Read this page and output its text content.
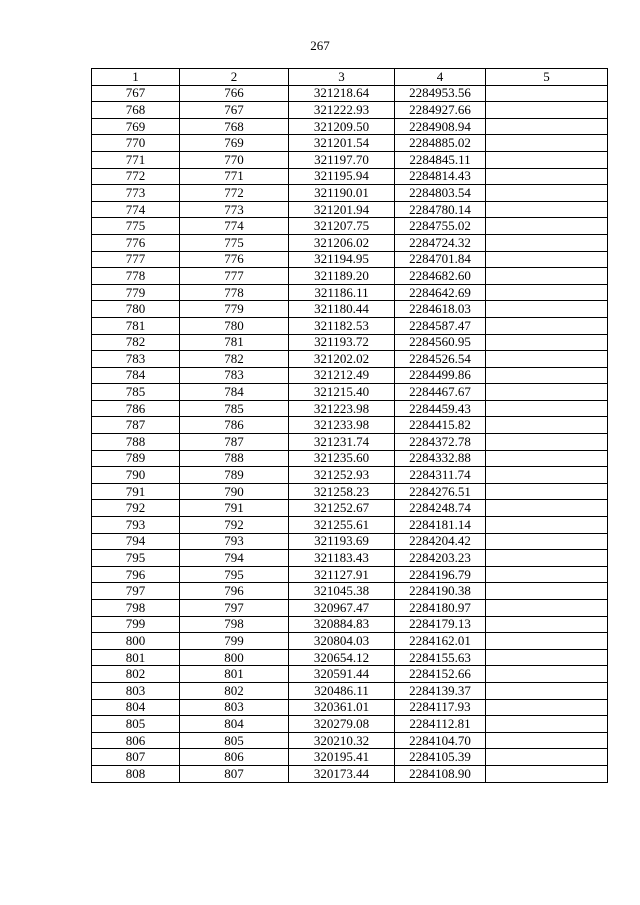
267
1	2	3	4	5
767	766	321218.64	2284953.56	
768	767	321222.93	2284927.66	
769	768	321209.50	2284908.94	
770	769	321201.54	2284885.02	
771	770	321197.70	2284845.11	
772	771	321195.94	2284814.43	
773	772	321190.01	2284803.54	
774	773	321201.94	2284780.14	
775	774	321207.75	2284755.02	
776	775	321206.02	2284724.32	
777	776	321194.95	2284701.84	
778	777	321189.20	2284682.60	
779	778	321186.11	2284642.69	
780	779	321180.44	2284618.03	
781	780	321182.53	2284587.47	
782	781	321193.72	2284560.95	
783	782	321202.02	2284526.54	
784	783	321212.49	2284499.86	
785	784	321215.40	2284467.67	
786	785	321223.98	2284459.43	
787	786	321233.98	2284415.82	
788	787	321231.74	2284372.78	
789	788	321235.60	2284332.88	
790	789	321252.93	2284311.74	
791	790	321258.23	2284276.51	
792	791	321252.67	2284248.74	
793	792	321255.61	2284181.14	
794	793	321193.69	2284204.42	
795	794	321183.43	2284203.23	
796	795	321127.91	2284196.79	
797	796	321045.38	2284190.38	
798	797	320967.47	2284180.97	
799	798	320884.83	2284179.13	
800	799	320804.03	2284162.01	
801	800	320654.12	2284155.63	
802	801	320591.44	2284152.66	
803	802	320486.11	2284139.37	
804	803	320361.01	2284117.93	
805	804	320279.08	2284112.81	
806	805	320210.32	2284104.70	
807	806	320195.41	2284105.39	
808	807	320173.44	2284108.90	
